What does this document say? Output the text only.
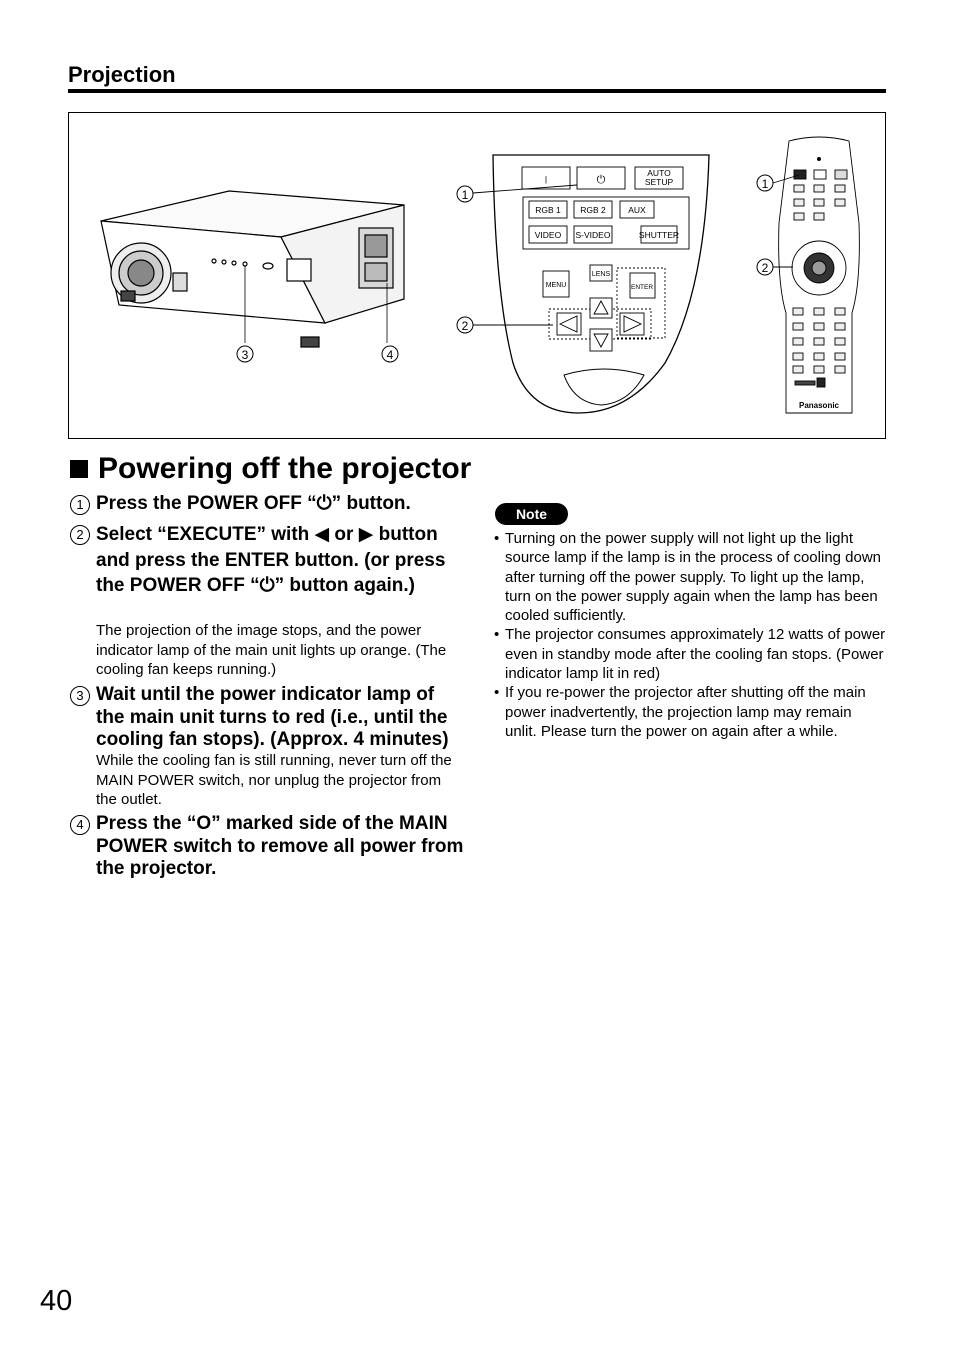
Projection
3	4
|	⏻
AUTO
SETUP
RGB 1 RGB 2	AUX
VIDEO S-VIDEO	SHUTTER
MENU
LENS
ENTER
1
2
Panasonic
1
2
Powering off the projector
1 Press the POWER OFF “⏻” button.
2 Select “EXECUTE” with ◀ or ▶ button and press the ENTER button. (or press the POWER OFF “⏻” button again.)
The projection of the image stops, and the power indicator lamp of the main unit lights up orange. (The cooling fan keeps running.)
3 Wait until the power indicator lamp of the main unit turns to red (i.e., until the cooling fan stops). (Approx. 4 minutes)
While the cooling fan is still running, never turn off the MAIN POWER switch, nor unplug the projector from the outlet.
4 Press the “O” marked side of the MAIN POWER switch to remove all power from the projector.
Note
• Turning on the power supply will not light up the light source lamp if the lamp is in the process of cooling down after turning off the power supply. To light up the lamp, turn on the power supply again when the lamp has been cooled sufficiently.
• The projector consumes approximately 12 watts of power even in standby mode after the cooling fan stops. (Power indicator lamp lit in red)
• If you re-power the projector after shutting off the main power inadvertently, the projection lamp may remain unlit. Please turn the power on again after a while.
40
